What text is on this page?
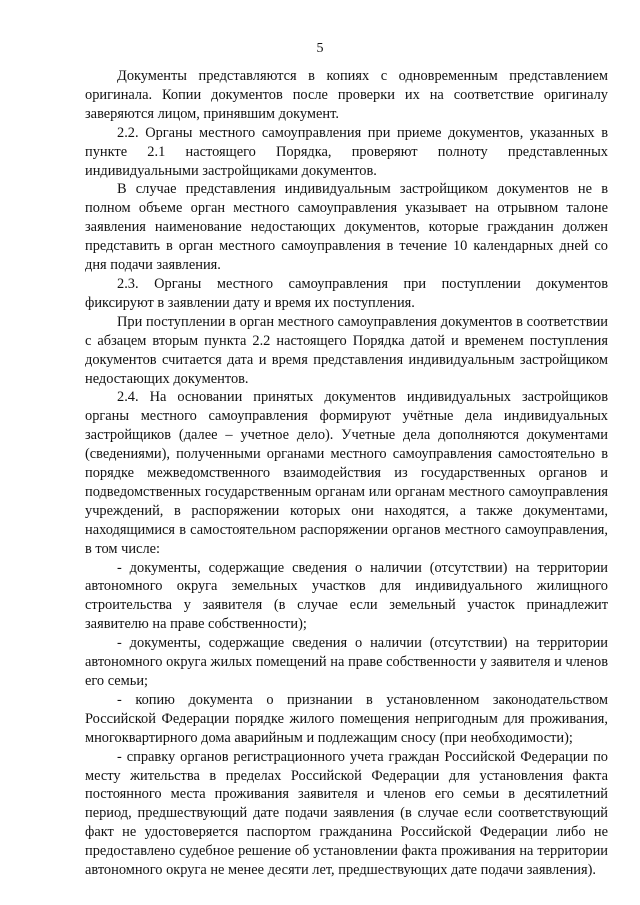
5

Документы представляются в копиях с одновременным представлением оригинала. Копии документов после проверки их на соответствие оригиналу заверяются лицом, принявшим документ.

2.2. Органы местного самоуправления при приеме документов, указанных в пункте 2.1 настоящего Порядка, проверяют полноту представленных индивидуальными застройщиками документов.

В случае представления индивидуальным застройщиком документов не в полном объеме орган местного самоуправления указывает на отрывном талоне заявления наименование недостающих документов, которые гражданин должен представить в орган местного самоуправления в течение 10 календарных дней со дня подачи заявления.

2.3. Органы местного самоуправления при поступлении документов фиксируют в заявлении дату и время их поступления.

При поступлении в орган местного самоуправления документов в соответствии с абзацем вторым пункта 2.2 настоящего Порядка датой и временем поступления документов считается дата и время представления индивидуальным застройщиком недостающих документов.

2.4. На основании принятых документов индивидуальных застройщиков органы местного самоуправления формируют учётные дела индивидуальных застройщиков (далее – учетное дело). Учетные дела дополняются документами (сведениями), полученными органами местного самоуправления самостоятельно в порядке межведомственного взаимодействия из государственных органов и подведомственных государственным органам или органам местного самоуправления учреждений, в распоряжении которых они находятся, а также документами, находящимися в самостоятельном распоряжении органов местного самоуправления, в том числе:

- документы, содержащие сведения о наличии (отсутствии) на территории автономного округа земельных участков для индивидуального жилищного строительства у заявителя (в случае если земельный участок принадлежит заявителю на праве собственности);

- документы, содержащие сведения о наличии (отсутствии) на территории автономного округа жилых помещений на праве собственности у заявителя и членов его семьи;

- копию документа о признании в установленном законодательством Российской Федерации порядке жилого помещения непригодным для проживания, многоквартирного дома аварийным и подлежащим сносу (при необходимости);

- справку органов регистрационного учета граждан Российской Федерации по месту жительства в пределах Российской Федерации для установления факта постоянного места проживания заявителя и членов его семьи в десятилетний период, предшествующий дате подачи заявления (в случае если соответствующий факт не удостоверяется паспортом гражданина Российской Федерации либо не предоставлено судебное решение об установлении факта проживания на территории автономного округа не менее десяти лет, предшествующих дате подачи заявления).
